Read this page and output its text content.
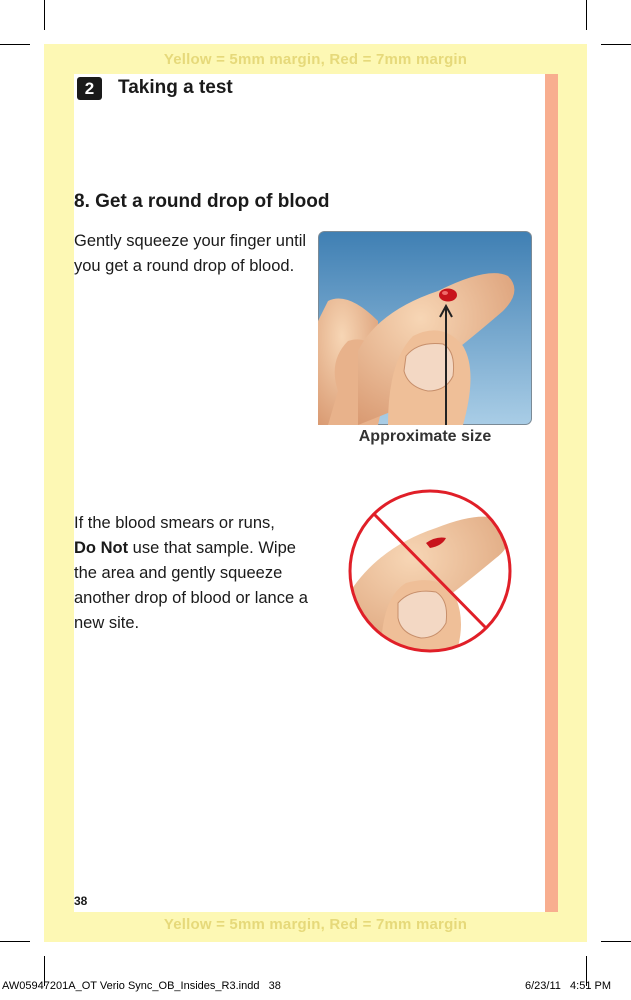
Yellow = 5mm margin, Red = 7mm margin
Yellow = 5mm margin, Red = 7mm margin
2	Taking a test
8. Get a round drop of blood
Gently squeeze your finger until you get a round drop of blood.
Approximate size
If the blood smears or runs,
Do Not use that sample. Wipe the area and gently squeeze another drop of blood or lance a new site.
38
AW05947201A_OT Verio Sync_OB_Insides_R3.indd   38	6/23/11   4:51 PM
